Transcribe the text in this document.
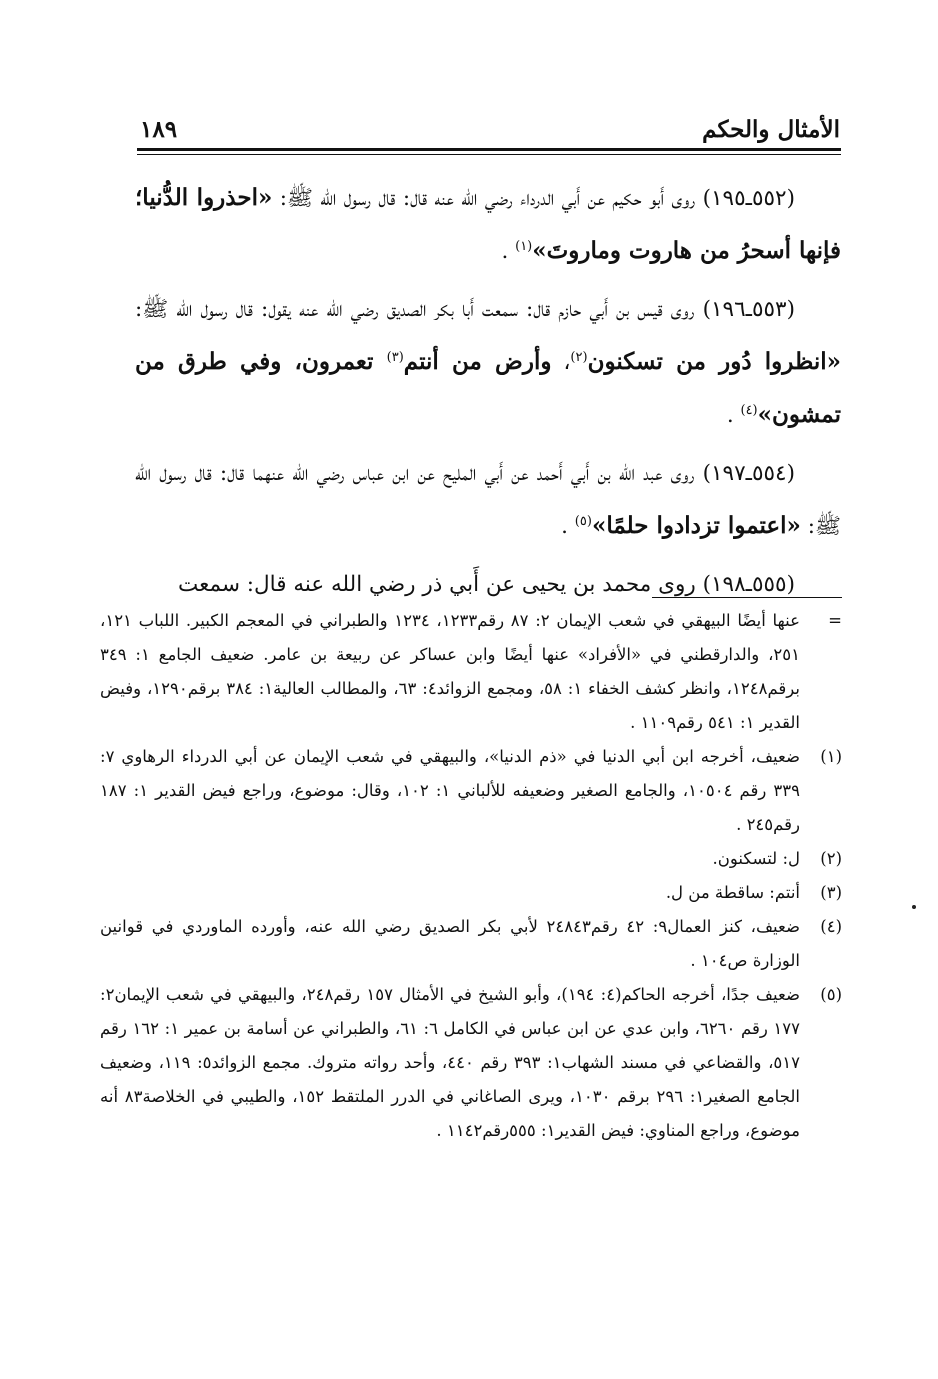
الأمثال والحكم
١٨٩

(٥٥٢ـ١٩٥) روى أَبو حكيم عن أَبي الدرداء رضي الله عنه قال: قال رسول الله ﷺ: «احذروا الدُّنيا؛ فإنها أسحرُ من هاروت وماروتَ»$^{(١)}$ .

(٥٥٣ـ١٩٦) روى قيس بن أَبي حازم قال: سمعت أَبا بكر الصديق رضي الله عنه يقول: قال رسول الله ﷺ: «انظروا دُور من تسكنون$^{(٢)}$، وأرض من أنتم$^{(٣)}$ تعمرون، وفي طرق من تمشون»$^{(٤)}$ .

(٥٥٤ـ١٩٧) روى عبد الله بن أَبي أَحمد عن أَبي المليح عن ابن عباس رضي الله عنهما قال: قال رسول الله ﷺ: «اعتموا تزدادوا حلمًا»$^{(٥)}$ .

(٥٥٥ـ١٩٨) روى محمد بن يحيى عن أَبي ذر رضي الله عنه قال: سمعت

=
عنها أيضًا البيهقي في شعب الإيمان ٢: ٨٧ رقم١٢٣٣، ١٢٣٤ والطبراني في المعجم الكبير. اللباب ١٢١، ٢٥١، والدارقطني في «الأفراد» عنها أيضًا وابن عساكر عن ربيعة بن عامر. ضعيف الجامع ١: ٣٤٩ برقم١٢٤٨، وانظر كشف الخفاء ١: ٥٨، ومجمع الزوائد٤: ٦٣، والمطالب العالية١: ٣٨٤ برقم١٢٩٠، وفيض القدير ١: ٥٤١ رقم١١٠٩ .
(١)
ضعيف، أخرجه ابن أبي الدنيا في «ذم الدنيا»، والبيهقي في شعب الإيمان عن أبي الدرداء الرهاوي ٧: ٣٣٩ رقم ١٠٥٠٤، والجامع الصغير وضعيفه للألباني ١: ١٠٢، وقال: موضوع، وراجع فيض القدير ١: ١٨٧ رقم٢٤٥ .
(٢)
ل: لتسكنون.
(٣)
أنتم: ساقطة من ل.
(٤)
ضعيف، كنز العمال٩: ٤٢ رقم٢٤٨٤٣ لأبي بكر الصديق رضي الله عنه، وأورده الماوردي في قوانين الوزارة ص١٠٤ .
(٥)
ضعيف جدًا، أخرجه الحاكم(٤: ١٩٤)، وأبو الشيخ في الأمثال ١٥٧ رقم٢٤٨، والبيهقي في شعب الإيمان٢: ١٧٧ رقم ٦٢٦٠، وابن عدي عن ابن عباس في الكامل ٦: ٦١، والطبراني عن أسامة بن عمير ١: ١٦٢ رقم ٥١٧، والقضاعي في مسند الشهاب١: ٣٩٣ رقم ٤٤٠، وأحد رواته متروك. مجمع الزوائد٥: ١١٩، وضعيف الجامع الصغير١: ٢٩٦ برقم ١٠٣٠، ويرى الصاغاني في الدرر الملتقط ١٥٢، والطيبي في الخلاصة٨٣ أنه موضوع، وراجع المناوي: فيض القدير١: ٥٥٥رقم١١٤٢ .
